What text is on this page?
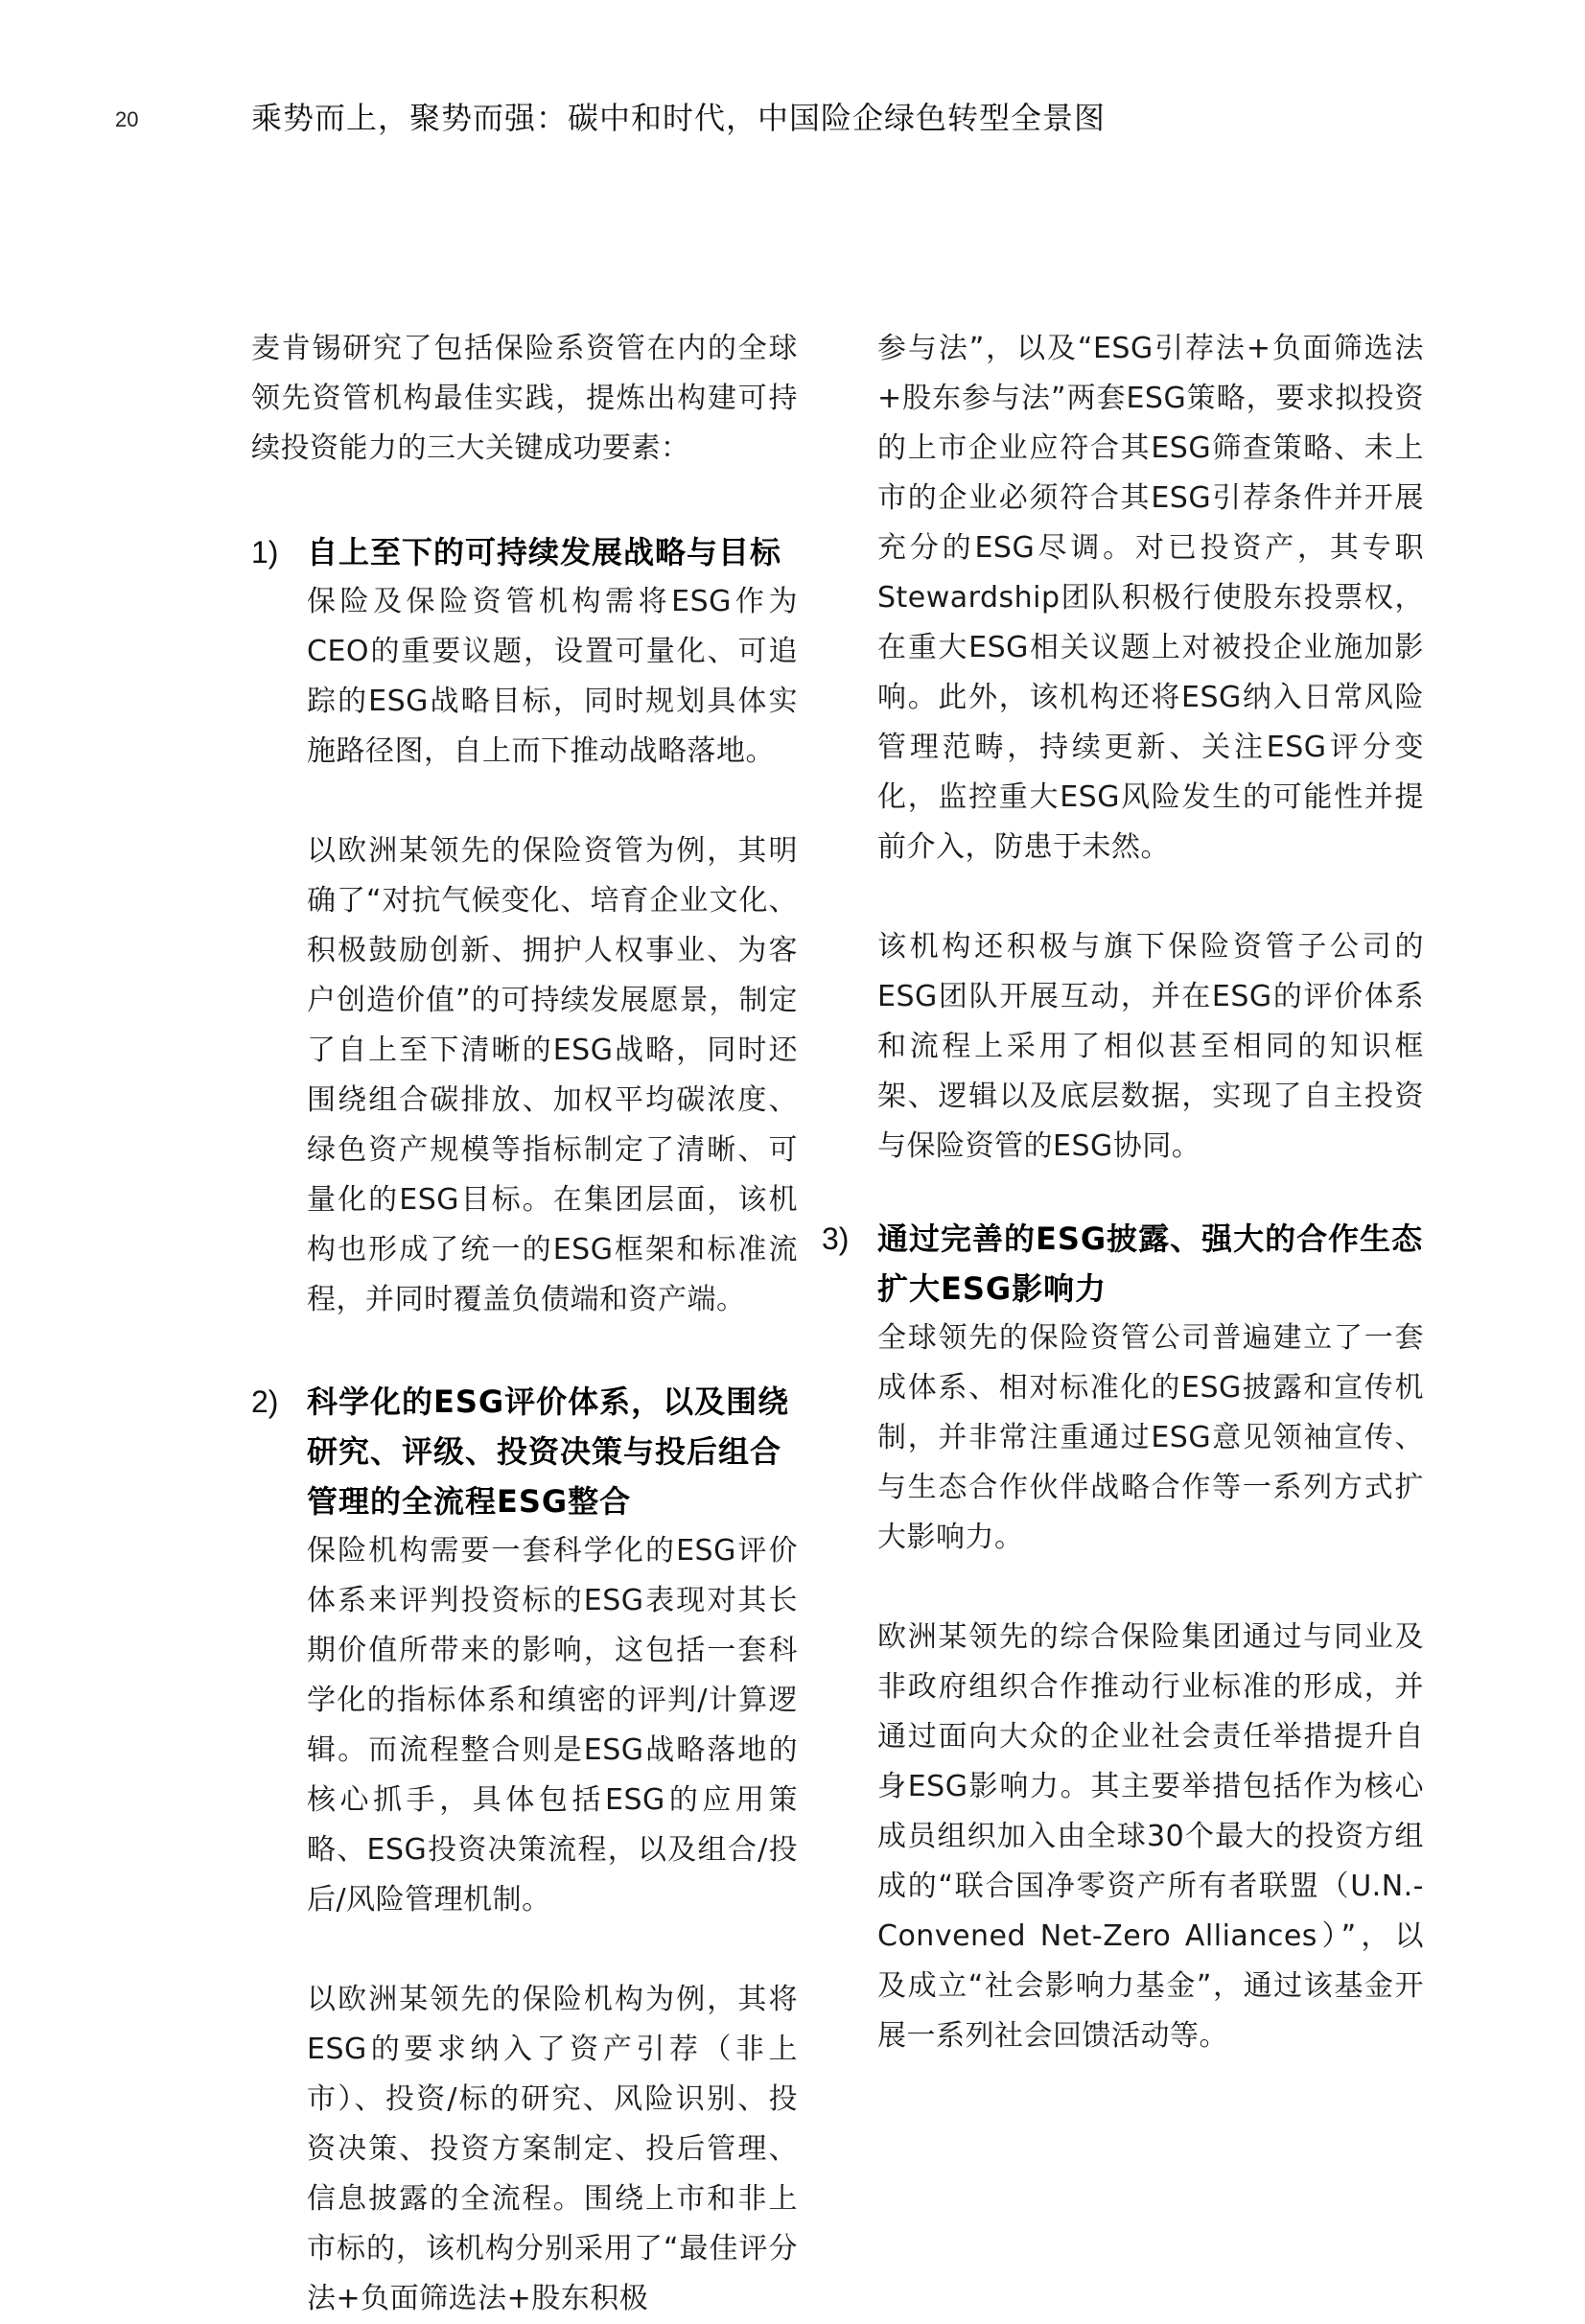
20	乘势而上，聚势而强：碳中和时代，中国险企绿色转型全景图

麦肯锡研究了包括保险系资管在内的全球领先资管机构最佳实践，提炼出构建可持续投资能力的三大关键成功要素：

1) 自上至下的可持续发展战略与目标

保险及保险资管机构需将ESG作为CEO的重要议题，设置可量化、可追踪的ESG战略目标，同时规划具体实施路径图，自上而下推动战略落地。

以欧洲某领先的保险资管为例，其明确了“对抗气候变化、培育企业文化、积极鼓励创新、拥护人权事业、为客户创造价值”的可持续发展愿景，制定了自上至下清晰的ESG战略，同时还围绕组合碳排放、加权平均碳浓度、绿色资产规模等指标制定了清晰、可量化的ESG目标。在集团层面，该机构也形成了统一的ESG框架和标准流程，并同时覆盖负债端和资产端。

2) 科学化的ESG评价体系，以及围绕研究、评级、投资决策与投后组合管理的全流程ESG整合

保险机构需要一套科学化的ESG评价体系来评判投资标的ESG表现对其长期价值所带来的影响，这包括一套科学化的指标体系和缜密的评判/计算逻辑。而流程整合则是ESG战略落地的核心抓手，具体包括ESG的应用策略、ESG投资决策流程，以及组合/投后/风险管理机制。

以欧洲某领先的保险机构为例，其将ESG的要求纳入了资产引荐（非上市）、投资/标的研究、风险识别、投资决策、投资方案制定、投后管理、信息披露的全流程。围绕上市和非上市标的，该机构分别采用了“最佳评分法+负面筛选法+股东积极

参与法”，以及“ESG引荐法+负面筛选法+股东参与法”两套ESG策略，要求拟投资的上市企业应符合其ESG筛查策略、未上市的企业必须符合其ESG引荐条件并开展充分的ESG尽调。对已投资产，其专职Stewardship团队积极行使股东投票权，在重大ESG相关议题上对被投企业施加影响。此外，该机构还将ESG纳入日常风险管理范畴，持续更新、关注ESG评分变化，监控重大ESG风险发生的可能性并提前介入，防患于未然。

该机构还积极与旗下保险资管子公司的ESG团队开展互动，并在ESG的评价体系和流程上采用了相似甚至相同的知识框架、逻辑以及底层数据，实现了自主投资与保险资管的ESG协同。

3) 通过完善的ESG披露、强大的合作生态扩大ESG影响力

全球领先的保险资管公司普遍建立了一套成体系、相对标准化的ESG披露和宣传机制，并非常注重通过ESG意见领袖宣传、与生态合作伙伴战略合作等一系列方式扩大影响力。

欧洲某领先的综合保险集团通过与同业及非政府组织合作推动行业标准的形成，并通过面向大众的企业社会责任举措提升自身ESG影响力。其主要举措包括作为核心成员组织加入由全球30个最大的投资方组成的“联合国净零资产所有者联盟（U.N.-Convened Net-Zero Alliances）”，以及成立“社会影响力基金”，通过该基金开展一系列社会回馈活动等。
